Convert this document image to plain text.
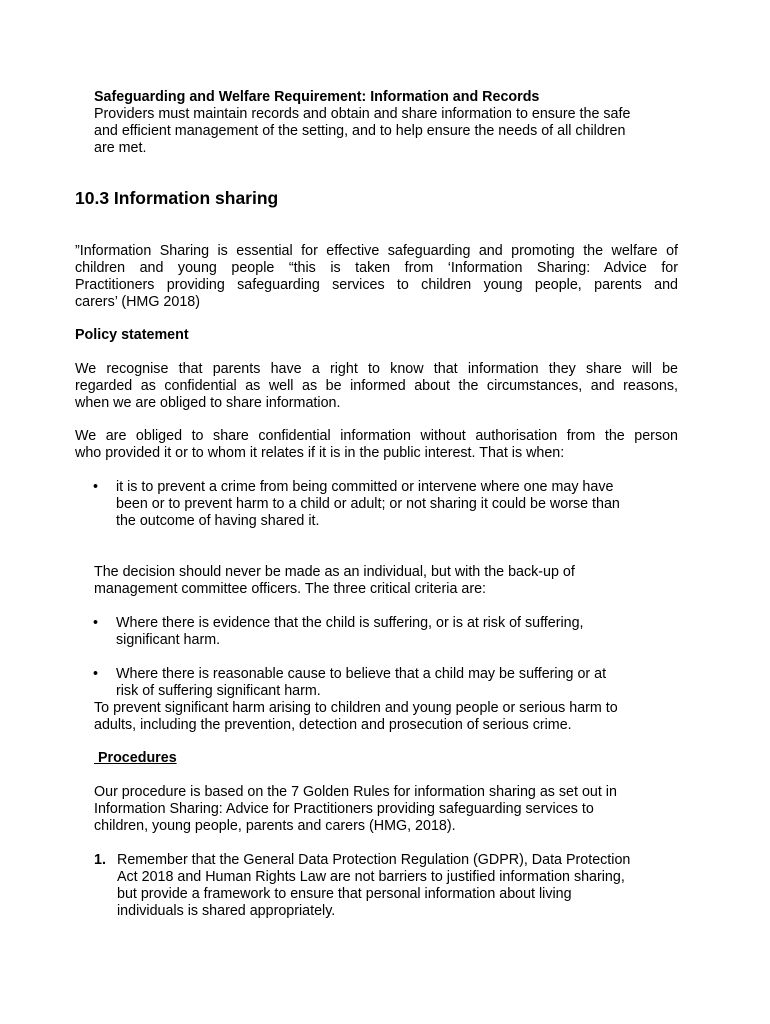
Safeguarding and Welfare Requirement: Information and Records
Providers must maintain records and obtain and share information to ensure the safe
and efficient management of the setting, and to help ensure the needs of all children
are met.
10.3 Information sharing
”Information Sharing is essential for effective safeguarding and promoting the welfare of
children and young people “this is taken from ‘Information Sharing: Advice for
Practitioners providing safeguarding services to children young people, parents and
carers’ (HMG 2018)
Policy statement
We recognise that parents have a right to know that information they share will be
regarded as confidential as well as be informed about the circumstances, and reasons,
when we are obliged to share information.
We are obliged to share confidential information without authorisation from the person
who provided it or to whom it relates if it is in the public interest. That is when:
•	it is to prevent a crime from being committed or intervene where one may have
been or to prevent harm to a child or adult; or not sharing it could be worse than
the outcome of having shared it.
The decision should never be made as an individual, but with the back-up of
management committee officers. The three critical criteria are:
•	Where there is evidence that the child is suffering, or is at risk of suffering,
significant harm.
•	Where there is reasonable cause to believe that a child may be suffering or at
risk of suffering significant harm.
To prevent significant harm arising to children and young people or serious harm to
adults, including the prevention, detection and prosecution of serious crime.
Procedures
Our procedure is based on the 7 Golden Rules for information sharing as set out in
Information Sharing: Advice for Practitioners providing safeguarding services to
children, young people, parents and carers (HMG, 2018).
1. Remember that the General Data Protection Regulation (GDPR), Data Protection
Act 2018 and Human Rights Law are not barriers to justified information sharing,
but provide a framework to ensure that personal information about living
individuals is shared appropriately.
